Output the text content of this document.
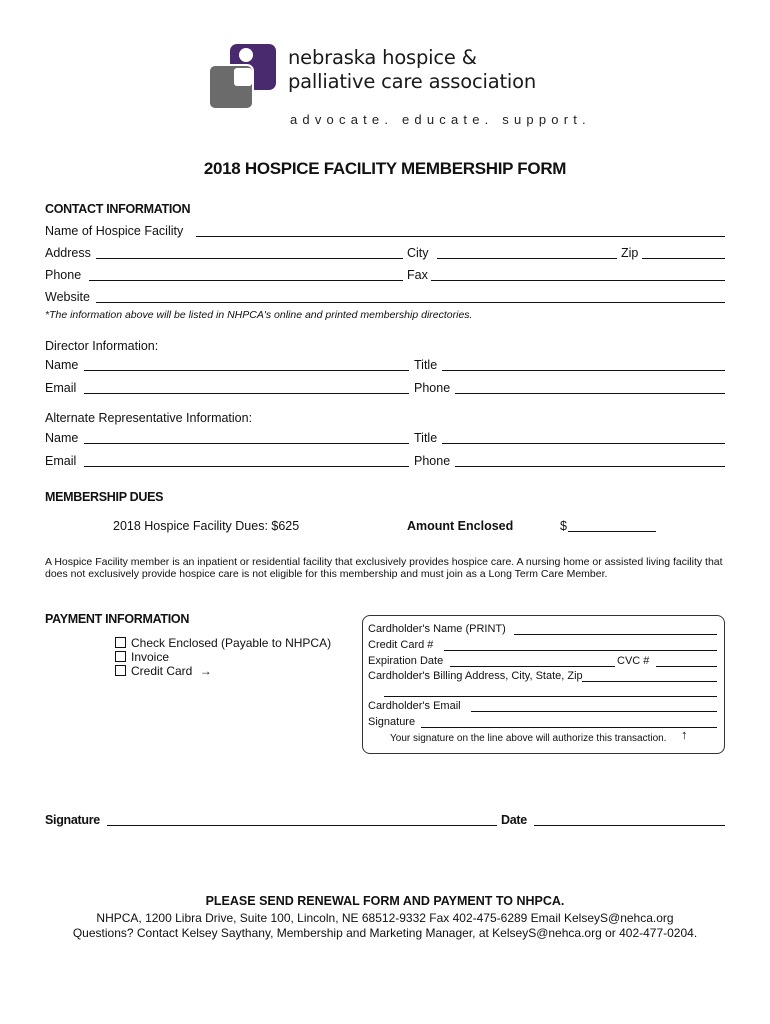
nebraska hospice &
palliative care association
advocate. educate. support.
2018 HOSPICE FACILITY MEMBERSHIP FORM
CONTACT INFORMATION
Name of Hospice Facility
Address	City	Zip
Phone	Fax
Website
*The information above will be listed in NHPCA's online and printed membership directories.
Director Information:
Name	Title
Email	Phone
Alternate Representative Information:
Name	Title
Email	Phone
MEMBERSHIP DUES
2018 Hospice Facility Dues: $625	Amount Enclosed	$
A Hospice Facility member is an inpatient or residential facility that exclusively provides hospice care. A nursing home or assisted living facility that does not exclusively provide hospice care is not eligible for this membership and must join as a Long Term Care Member.
PAYMENT INFORMATION
Check Enclosed (Payable to NHPCA)
Invoice
Credit Card →
Cardholder's Name (PRINT)
Credit Card #
Expiration Date	CVC #
Cardholder's Billing Address, City, State, Zip
Cardholder's Email
Signature
Your signature on the line above will authorize this transaction. ↑
Signature	Date
PLEASE SEND RENEWAL FORM AND PAYMENT TO NHPCA.
NHPCA, 1200 Libra Drive, Suite 100, Lincoln, NE 68512-9332 Fax 402-475-6289 Email KelseyS@nehca.org
Questions? Contact Kelsey Saythany, Membership and Marketing Manager, at KelseyS@nehca.org or 402-477-0204.
